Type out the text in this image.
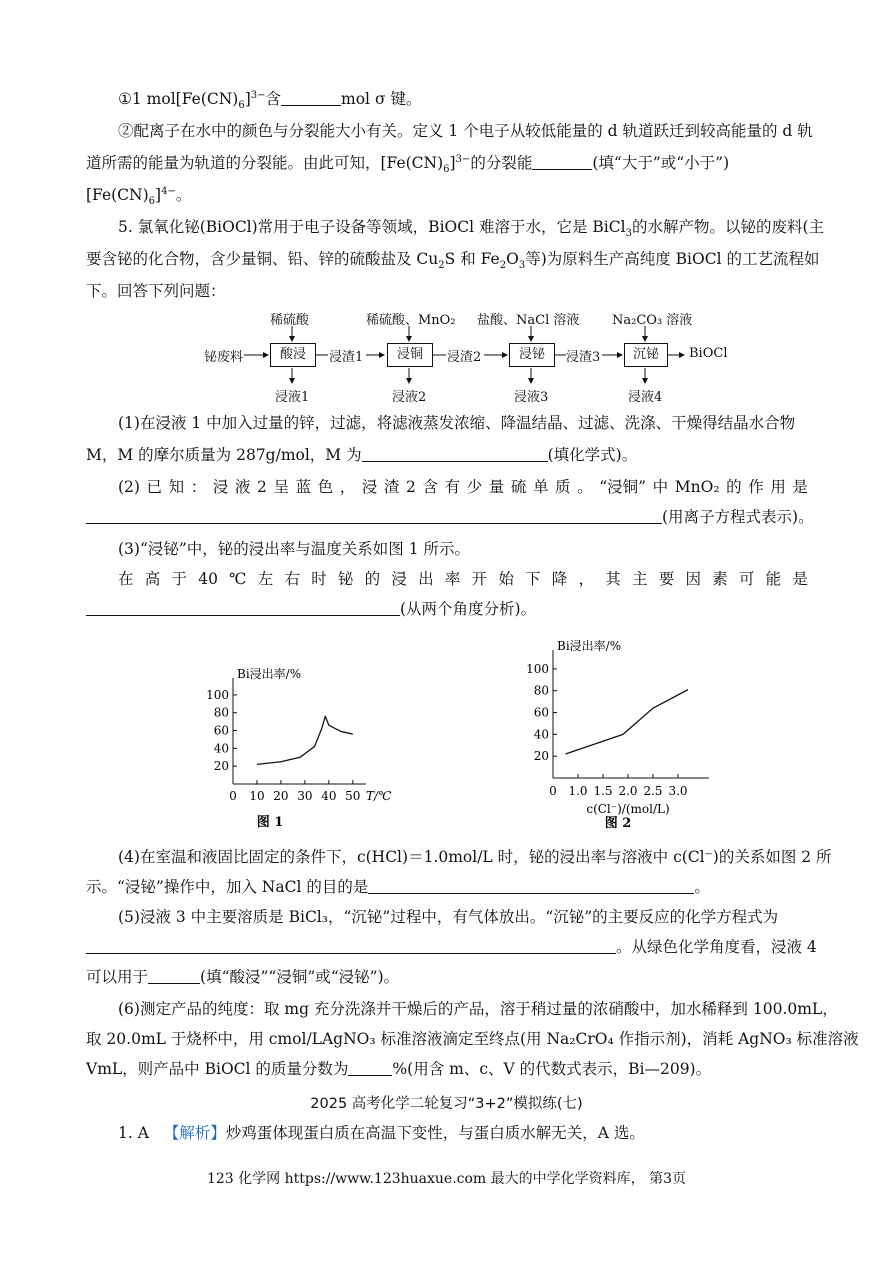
①1 $mol[Fe(CN)_6]^{3-}$含	mol σ 键。
②配离子在水中的颜色与分裂能大小有关。定义 1 个电子从较低能量的 d 轨道跃迁到较高能量的 d 轨
道所需的能量为轨道的分裂能。由此可知，$[Fe(CN)_6]^{3-}$的分裂能	(填“大于”或“小于”)
$[Fe(CN)_6]^{4-}$。
5. 氯氧化铋(BiOCl)常用于电子设备等领域，BiOCl 难溶于水，它是 BiCl$_3$的水解产物。以铋的废料(主
要含铋的化合物，含少量铜、铅、锌的硫酸盐及 $Cu_2S$ 和 $Fe_2O_3$等)为原料生产高纯度 BiOCl 的工艺流程如
下。回答下列问题：
铋废料	BiOCl
稀硫酸
酸浸
浸液1
浸渣1
稀硫酸、MnO₂
浸铜
浸液2
浸渣2
盐酸、NaCl 溶液
浸铋
浸液3
浸渣3
Na₂CO₃ 溶液
沉铋
浸液4
(1)在浸液 1 中加入过量的锌，过滤，将滤液蒸发浓缩、降温结晶、过滤、洗涤、干燥得结晶水合物
M，M 的摩尔质量为 287g/mol，M 为	(填化学式)。
(2) 已 知 ： 浸 液 2 呈 蓝 色 ， 浸 渣 2 含 有 少 量 硫 单 质 。 “浸铜” 中 MnO₂ 的 作 用 是
(用离子方程式表示)。
(3)“浸铋”中，铋的浸出率与温度关系如图 1 所示。
在 高 于 40 ℃ 左 右 时 铋 的 浸 出 率 开 始 下 降 ， 其 主 要 因 素 可 能 是
(从两个角度分析)。
Bi浸出率/%
20
40
60
80
100
0 10 20 30 40 50 T/℃
图 1
Bi浸出率/%
20
40
60
80
100
0 1.0 1.5 2.0 2.5 3.0
c(Cl⁻)/(mol/L)
图 2
(4)在室温和液固比固定的条件下，c(HCl)＝1.0mol/L 时，铋的浸出率与溶液中 c(Cl⁻)的关系如图 2 所
示。“浸铋”操作中，加入 NaCl 的目的是	。
(5)浸液 3 中主要溶质是 BiCl₃，“沉铋”过程中，有气体放出。“沉铋”的主要反应的化学方程式为
。从绿色化学角度看，浸液 4
可以用于	(填“酸浸”“浸铜”或“浸铋”)。
(6)测定产品的纯度：取 mg 充分洗涤并干燥后的产品，溶于稍过量的浓硝酸中，加水稀释到 100.0mL，
取 20.0mL 于烧杯中，用 cmol/LAgNO₃ 标准溶液滴定至终点(用 Na₂CrO₄ 作指示剂)，消耗 AgNO₃ 标准溶液
VmL，则产品中 BiOCl 的质量分数为	%(用含 m、c、V 的代数式表示，Bi—209)。
2025 高考化学二轮复习“3+2”模拟练(七)
1. A 【解析】炒鸡蛋体现蛋白质在高温下变性，与蛋白质水解无关，A 选。
123 化学网 https://www.123huaxue.com 最大的中学化学资料库， 第3页
